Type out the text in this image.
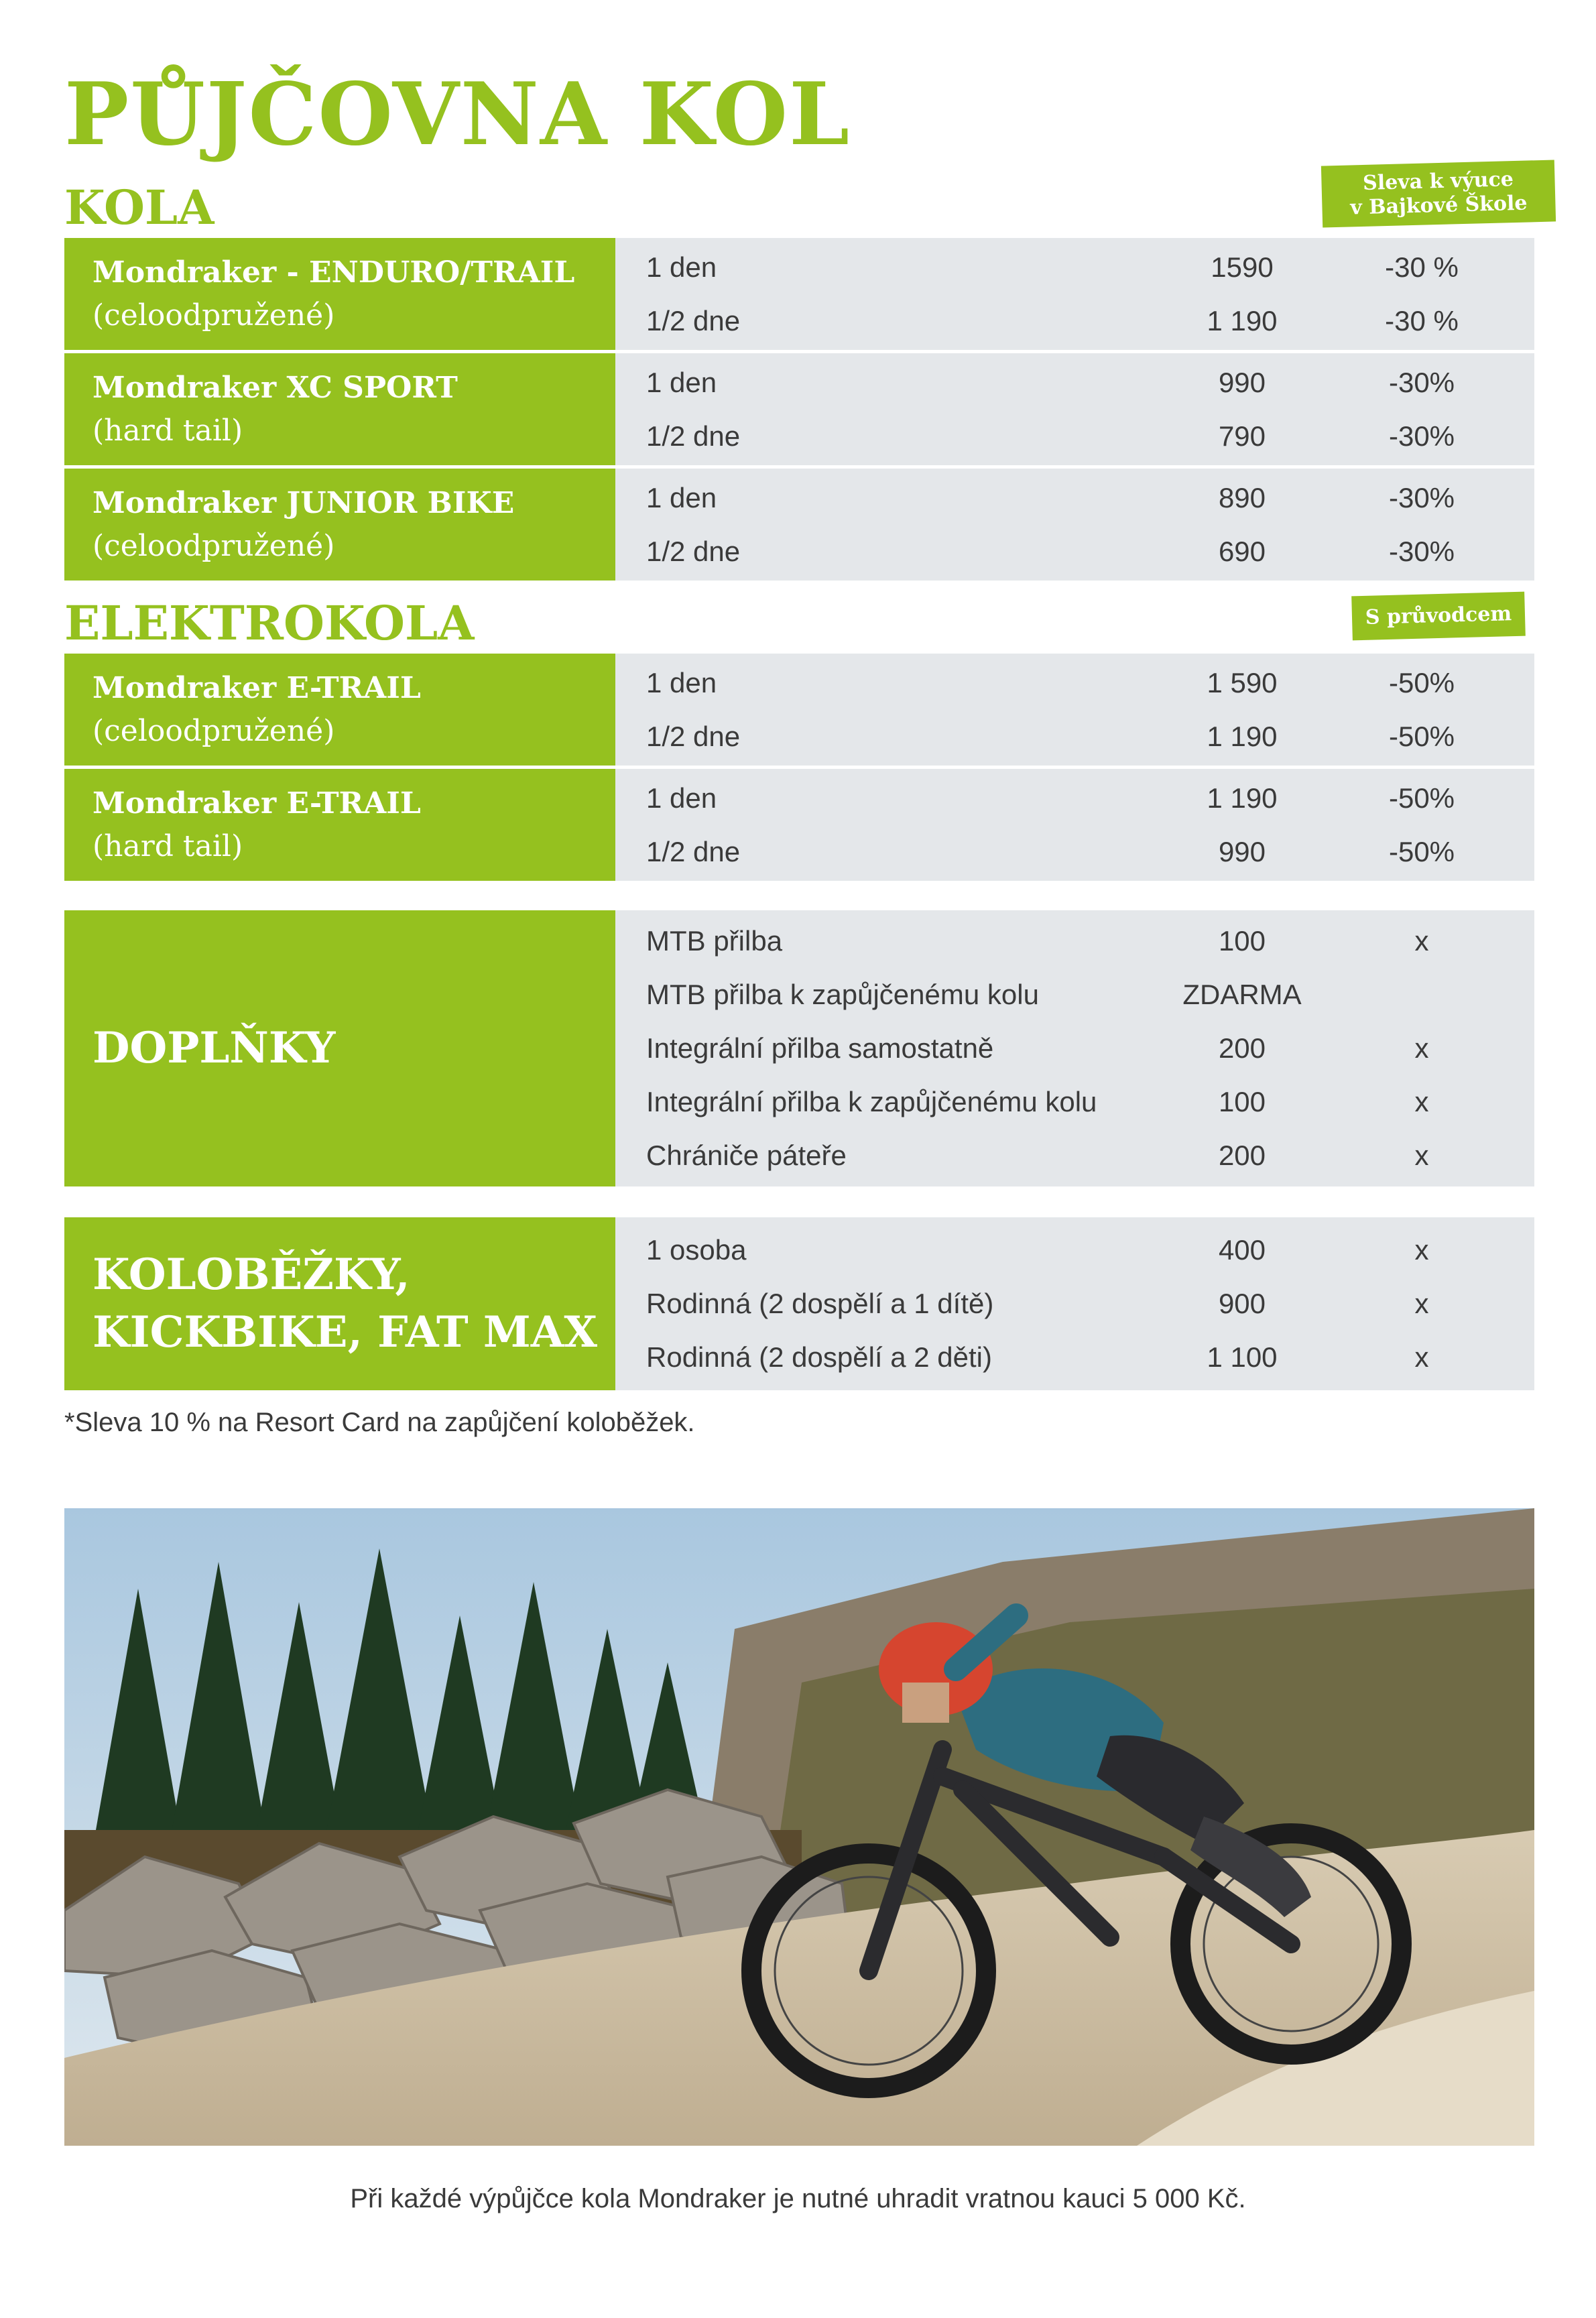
PŮJČOVNA KOL
KOLA	Sleva k výuce
v Bajkové Škole
Mondraker - ENDURO/TRAIL
(celoodpružené)
1 den	1590	-30 %
1/2 dne	1 190	-30 %
Mondraker XC SPORT
(hard tail)
1 den	990	-30%
1/2 dne	790	-30%
Mondraker JUNIOR BIKE
(celoodpružené)
1 den	890	-30%
1/2 dne	690	-30%
ELEKTROKOLA	S průvodcem
Mondraker E-TRAIL
(celoodpružené)
1 den	1 590	-50%
1/2 dne	1 190	-50%
Mondraker E-TRAIL
(hard tail)
1 den	1 190	-50%
1/2 dne	990	-50%
DOPLŇKY
MTB přilba	100	x
MTB přilba k zapůjčenému kolu	ZDARMA
Integrální přilba samostatně	200	x
Integrální přilba k zapůjčenému kolu	100	x
Chrániče páteře	200	x
KOLOBĚŽKY,
KICKBIKE, FAT MAX
1 osoba	400	x
Rodinná (2 dospělí a 1 dítě)	900	x
Rodinná (2 dospělí a 2 děti)	1 100	x
*Sleva 10 % na Resort Card na zapůjčení koloběžek.
Při každé výpůjčce kola Mondraker je nutné uhradit vratnou kauci 5 000 Kč.
